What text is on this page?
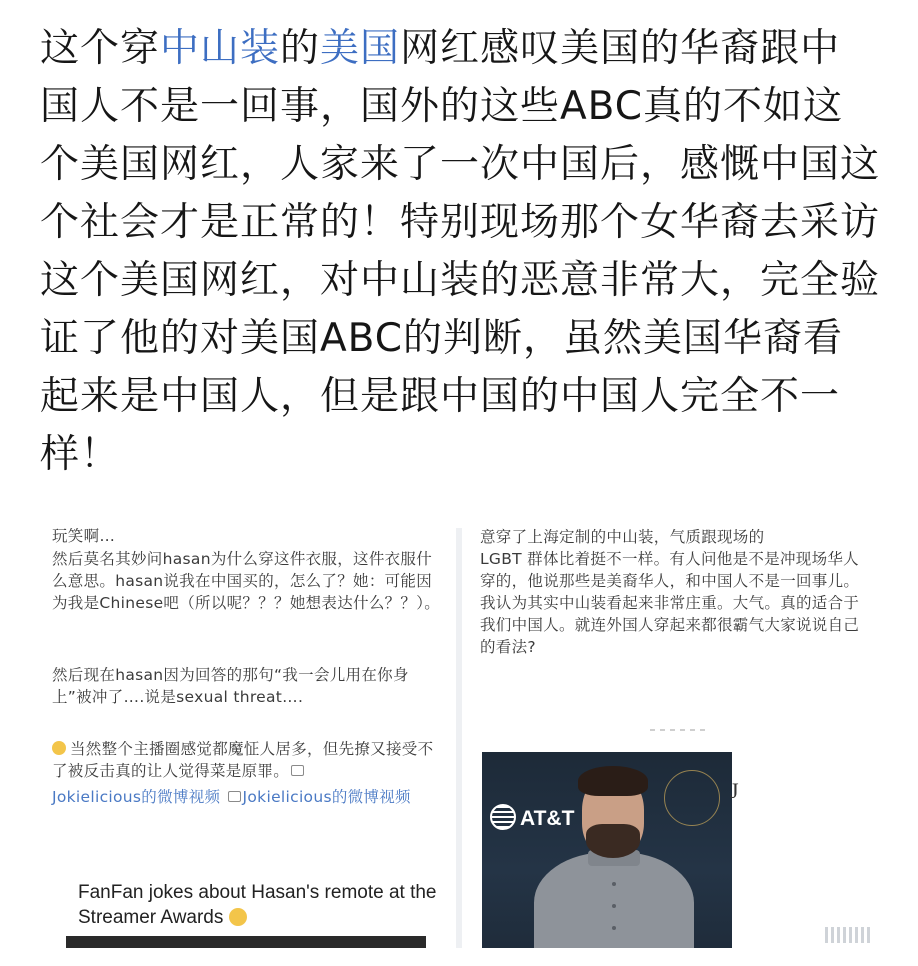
这个穿中山装的美国网红感叹美国的华裔跟中国人不是一回事，国外的这些ABC真的不如这个美国网红，人家来了一次中国后，感慨中国这个社会才是正常的！特别现场那个女华裔去采访这个美国网红，对中山装的恶意非常大，完全验证了他的对美国ABC的判断，虽然美国华裔看起来是中国人，但是跟中国的中国人完全不一样！

玩笑啊…

然后莫名其妙问hasan为什么穿这件衣服，这件衣服什么意思。hasan说我在中国买的，怎么了？她：可能因为我是Chinese吧（所以呢？？？她想表达什么？？）。

然后现在hasan因为回答的那句“我一会儿用在你身上”被冲了….说是sexual threat….

当然整个主播圈感觉都魔怔人居多，但先撩又接受不了被反击真的让人觉得菜是原罪。

Jokielicious的微博视频 Jokielicious的微博视频
FanFan jokes about Hasan's remote at the Streamer Awards

意穿了上海定制的中山装，气质跟现场的

LGBT 群体比着挺不一样。有人问他是不是冲现场华人穿的，他说那些是美裔华人，和中国人不是一回事儿。

我认为其实中山装看起来非常庄重。大气。真的适合于我们中国人。就连外国人穿起来都很霸气大家说说自己的看法?

AT&T
J
